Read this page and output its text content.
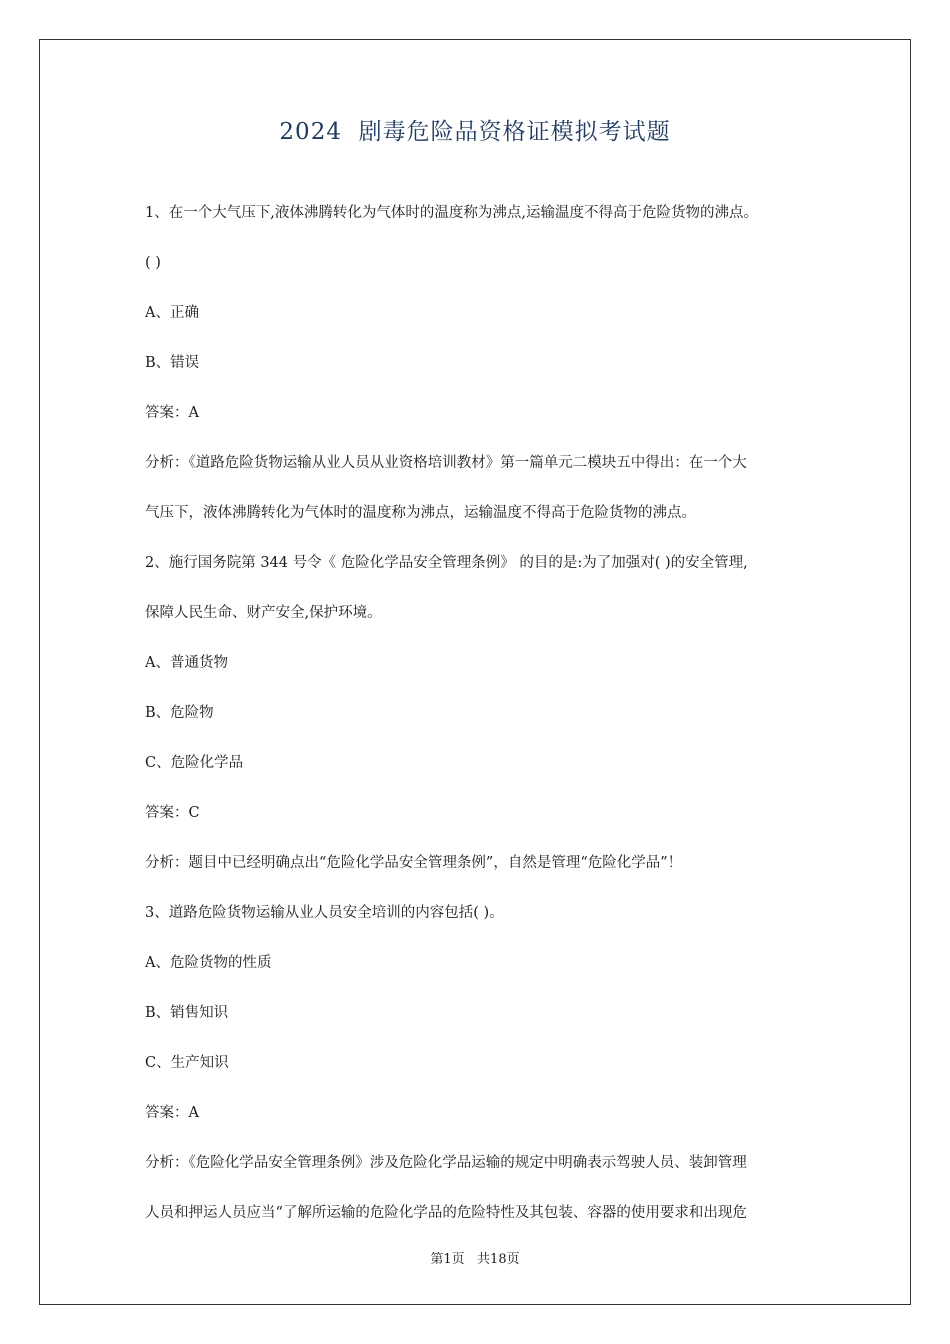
2024  剧毒危险品资格证模拟考试题
1、在一个大气压下,液体沸腾转化为气体时的温度称为沸点,运输温度不得高于危险货物的沸点。
( )
A、正确
B、错误
答案：A
分析：《道路危险货物运输从业人员从业资格培训教材》第一篇单元二模块五中得出：在一个大
气压下，液体沸腾转化为气体时的温度称为沸点，运输温度不得高于危险货物的沸点。
2、施行国务院第 344 号令《 危险化学品安全管理条例》 的目的是:为了加强对( )的安全管理,
保障人民生命、财产安全,保护环境。
A、普通货物
B、危险物
C、危险化学品
答案：C
分析：题目中已经明确点出“危险化学品安全管理条例”，自然是管理“危险化学品”！
3、道路危险货物运输从业人员安全培训的内容包括( )。
A、危险货物的性质
B、销售知识
C、生产知识
答案：A
分析：《危险化学品安全管理条例》涉及危险化学品运输的规定中明确表示驾驶人员、装卸管理
人员和押运人员应当“了解所运输的危险化学品的危险特性及其包装、容器的使用要求和出现危
第1页   共18页
